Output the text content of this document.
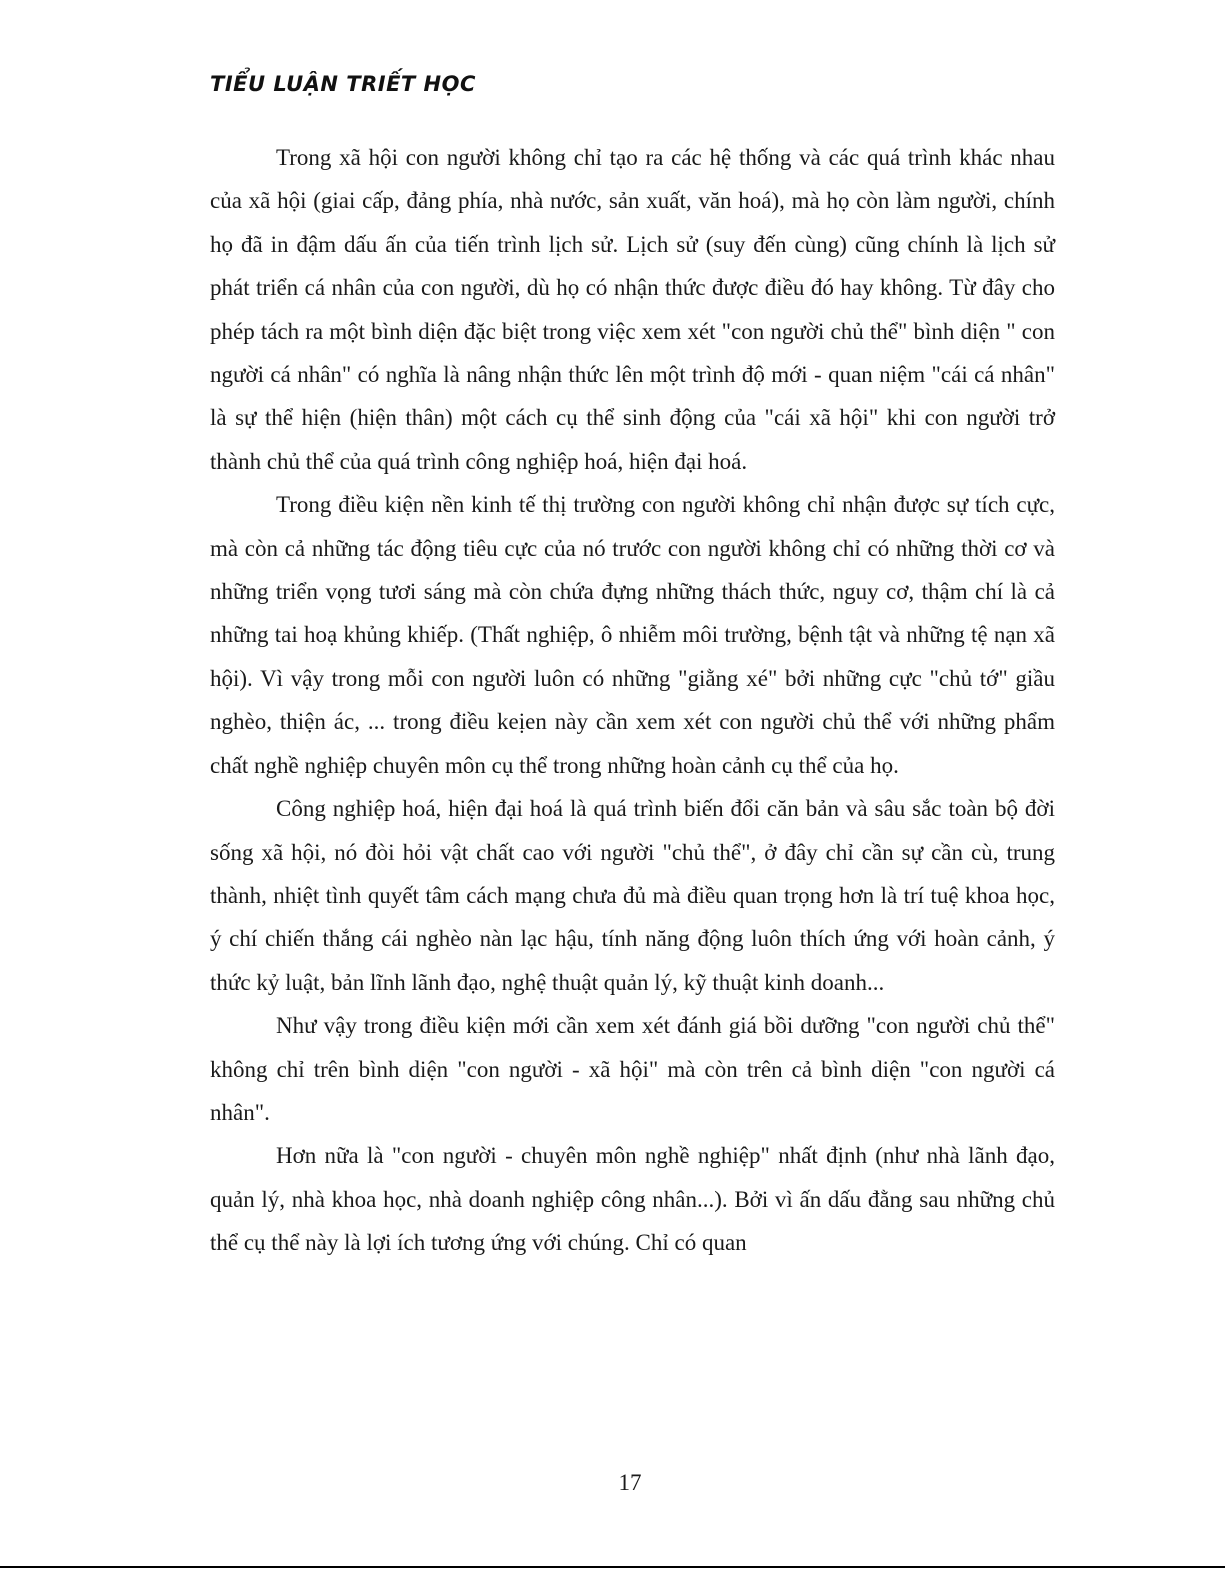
TIỂU LUẬN TRIẾT HỌC

Trong xã hội con người không chỉ tạo ra các hệ thống và các quá trình khác nhau của xã hội (giai cấp, đảng phía, nhà nước, sản xuất, văn hoá), mà họ còn làm người, chính họ đã in đậm dấu ấn của tiến trình lịch sử. Lịch sử (suy đến cùng) cũng chính là lịch sử phát triển cá nhân của con người, dù họ có nhận thức được điều đó hay không. Từ đây cho phép tách ra một bình diện đặc biệt trong việc xem xét "con người chủ thể" bình diện " con người cá nhân" có nghĩa là nâng nhận thức lên một trình độ mới - quan niệm "cái cá nhân" là sự thể hiện (hiện thân) một cách cụ thể sinh động của "cái xã hội" khi con người trở thành chủ thể của quá trình công nghiệp hoá, hiện đại hoá.

Trong điều kiện nền kinh tế thị trường con người không chỉ nhận được sự tích cực, mà còn cả những tác động tiêu cực của nó trước con người không chỉ có những thời cơ và những triển vọng tươi sáng mà còn chứa đựng những thách thức, nguy cơ, thậm chí là cả những tai hoạ khủng khiếp. (Thất nghiệp, ô nhiễm môi trường, bệnh tật và những tệ nạn xã hội). Vì vậy trong mỗi con người luôn có những "giằng xé" bởi những cực "chủ tớ" giầu nghèo, thiện ác, ... trong điều keịen này cần xem xét con người chủ thể với những phẩm chất nghề nghiệp chuyên môn cụ thể trong những hoàn cảnh cụ thể của họ.

Công nghiệp hoá, hiện đại hoá là quá trình biến đổi căn bản và sâu sắc toàn bộ đời sống xã hội, nó đòi hỏi vật chất cao với người "chủ thể", ở đây chỉ cần sự cần cù, trung thành, nhiệt tình quyết tâm cách mạng chưa đủ mà điều quan trọng hơn là trí tuệ khoa học, ý chí chiến thắng cái nghèo nàn lạc hậu, tính năng động luôn thích ứng với hoàn cảnh, ý thức kỷ luật, bản lĩnh lãnh đạo, nghệ thuật quản lý, kỹ thuật kinh doanh...

Như vậy trong điều kiện mới cần xem xét đánh giá bồi dưỡng "con người chủ thể" không chỉ trên bình diện "con người - xã hội" mà còn trên cả bình diện "con người cá nhân".

Hơn nữa là "con người - chuyên môn nghề nghiệp" nhất định (như nhà lãnh đạo, quản lý, nhà khoa học, nhà doanh nghiệp công nhân...). Bởi vì ấn dấu đằng sau những chủ thể cụ thể này là lợi ích tương ứng với chúng. Chỉ có quan

17
